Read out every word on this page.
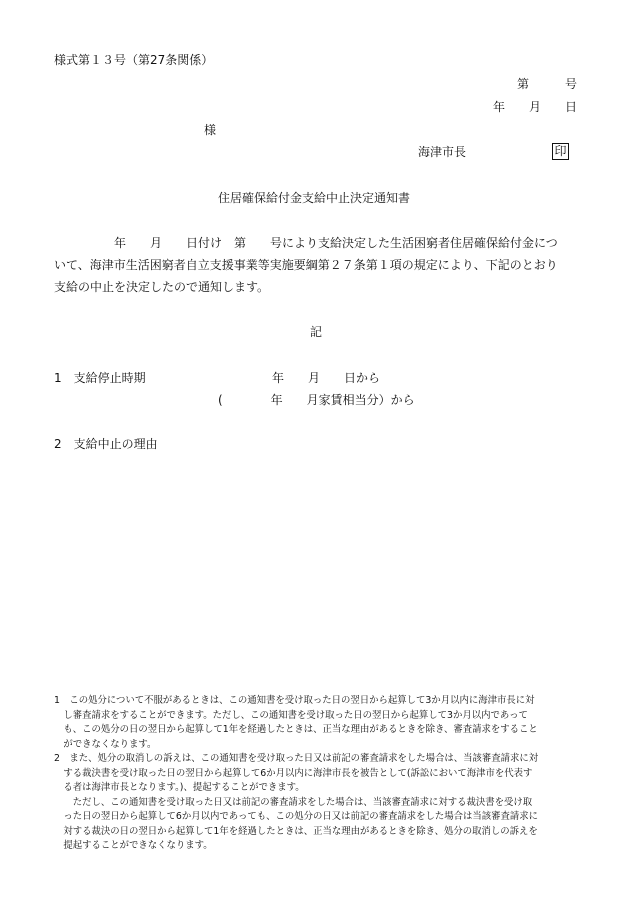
様式第１３号（第27条関係）
第　　　号
年　　月　　日
様
海津市長	印
住居確保給付金支給中止決定通知書
　　　　　年　　月　　日付け　第　　号により支給決定した生活困窮者住居確保給付金につ
いて、海津市生活困窮者自立支援事業等実施要綱第２７条第１項の規定により、下記のとおり
支給の中止を決定したので通知します。
記
1　支給停止時期	年　　月　　日から
(　　　　年　　月家賃相当分）から
2　支給中止の理由
1　この処分について不服があるときは、この通知書を受け取った日の翌日から起算して3か月以内に海津市長に対
　し審査請求をすることができます。ただし、この通知書を受け取った日の翌日から起算して3か月以内であって
　も、この処分の日の翌日から起算して1年を経過したときは、正当な理由があるときを除き、審査請求をすること
　ができなくなります。
2　また、処分の取消しの訴えは、この通知書を受け取った日又は前記の審査請求をした場合は、当該審査請求に対
　する裁決書を受け取った日の翌日から起算して6か月以内に海津市長を被告として(訴訟において海津市を代表す
　る者は海津市長となります。)、提起することができます。
　　ただし、この通知書を受け取った日又は前記の審査請求をした場合は、当該審査請求に対する裁決書を受け取
　った日の翌日から起算して6か月以内であっても、この処分の日又は前記の審査請求をした場合は当該審査請求に
　対する裁決の日の翌日から起算して1年を経過したときは、正当な理由があるときを除き、処分の取消しの訴えを
　提起することができなくなります。
